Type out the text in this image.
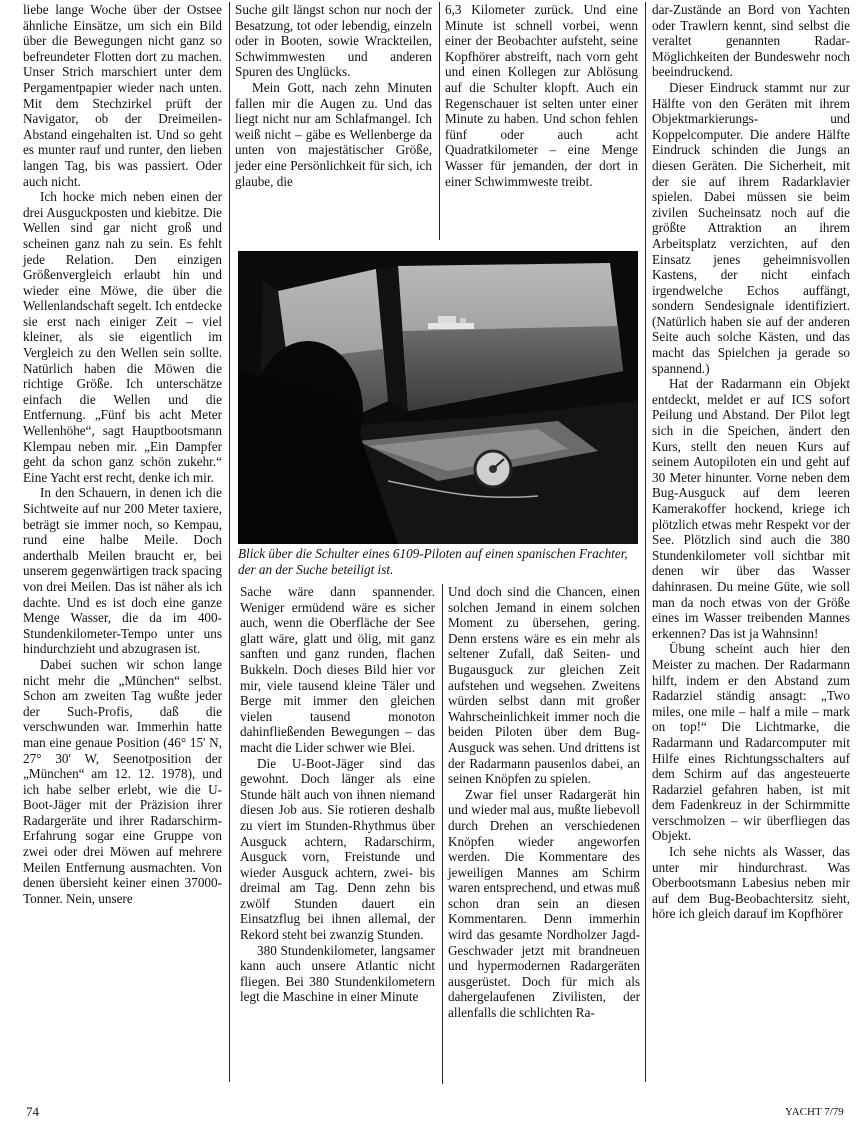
liebe lange Woche über der Ostsee ähnliche Einsätze, um sich ein Bild über die Bewegungen nicht ganz so befreundeter Flotten dort zu machen. Unser Strich marschiert unter dem Pergamentpapier wieder nach unten. Mit dem Stechzirkel prüft der Navigator, ob der Dreimeilen-Abstand eingehalten ist. Und so geht es munter rauf und runter, den lieben langen Tag, bis was passiert. Oder auch nicht.

Ich hocke mich neben einen der drei Ausguckposten und kiebitze. Die Wellen sind gar nicht groß und scheinen ganz nah zu sein. Es fehlt jede Relation. Den einzigen Größenvergleich erlaubt hin und wieder eine Möwe, die über die Wellenlandschaft segelt. Ich entdecke sie erst nach einiger Zeit – viel kleiner, als sie eigentlich im Vergleich zu den Wellen sein sollte. Natürlich haben die Möwen die richtige Größe. Ich unterschätze einfach die Wellen und die Entfernung. „Fünf bis acht Meter Wellenhöhe“, sagt Hauptbootsmann Klempau neben mir. „Ein Dampfer geht da schon ganz schön zukehr.“ Eine Yacht erst recht, denke ich mir.

In den Schauern, in denen ich die Sichtweite auf nur 200 Meter taxiere, beträgt sie immer noch, so Kempau, rund eine halbe Meile. Doch anderthalb Meilen braucht er, bei unserem gegenwärtigen track spacing von drei Meilen. Das ist näher als ich dachte. Und es ist doch eine ganze Menge Wasser, die da im 400-Stundenkilometer-Tempo unter uns hindurchzieht und abzugrasen ist.

Dabei suchen wir schon lange nicht mehr die „München“ selbst. Schon am zweiten Tag wußte jeder der Such-Profis, daß die verschwunden war. Immerhin hatte man eine genaue Position (46° 15' N, 27° 30' W, Seenotposition der „München“ am 12. 12. 1978), und ich habe selber erlebt, wie die U-Boot-Jäger mit der Präzision ihrer Radargeräte und ihrer Radarschirm-Erfahrung sogar eine Gruppe von zwei oder drei Möwen auf mehrere Meilen Entfernung ausmachten. Von denen übersieht keiner einen 37000-Tonner. Nein, unsere

Suche gilt längst schon nur noch der Besatzung, tot oder lebendig, einzeln oder in Booten, sowie Wrackteilen, Schwimmwesten und anderen Spuren des Unglücks.

Mein Gott, nach zehn Minuten fallen mir die Augen zu. Und das liegt nicht nur am Schlafmangel. Ich weiß nicht – gäbe es Wellenberge da unten von majestätischer Größe, jeder eine Persönlichkeit für sich, ich glaube, die

6,3 Kilometer zurück. Und eine Minute ist schnell vorbei, wenn einer der Beobachter aufsteht, seine Kopfhörer abstreift, nach vorn geht und einen Kollegen zur Ablösung auf die Schulter klopft. Auch ein Regenschauer ist selten unter einer Minute zu haben. Und schon fehlen fünf oder auch acht Quadratkilometer – eine Menge Wasser für jemanden, der dort in einer Schwimmweste treibt.

dar-Zustände an Bord von Yachten oder Trawlern kennt, sind selbst die veraltet genannten Radar-Möglichkeiten der Bundeswehr noch beeindruckend.

Dieser Eindruck stammt nur zur Hälfte von den Geräten mit ihrem Objektmarkierungs- und Koppelcomputer. Die andere Hälfte Eindruck schinden die Jungs an diesen Geräten. Die Sicherheit, mit der sie auf ihrem Radarklavier spielen. Dabei müssen sie beim zivilen Sucheinsatz noch auf die größte Attraktion an ihrem Arbeitsplatz verzichten, auf den Einsatz jenes geheimnisvollen Kastens, der nicht einfach irgendwelche Echos auffängt, sondern Sendesignale identifiziert. (Natürlich haben sie auf der anderen Seite auch solche Kästen, und das macht das Spielchen ja gerade so spannend.)

Hat der Radarmann ein Objekt entdeckt, meldet er auf ICS sofort Peilung und Abstand. Der Pilot legt sich in die Speichen, ändert den Kurs, stellt den neuen Kurs auf seinem Autopiloten ein und geht auf 30 Meter hinunter. Vorne neben dem Bug-Ausguck auf dem leeren Kamerakoffer hockend, kriege ich plötzlich etwas mehr Respekt vor der See. Plötzlich sind auch die 380 Stundenkilometer voll sichtbar mit denen wir über das Wasser dahinrasen. Du meine Güte, wie soll man da noch etwas von der Größe eines im Wasser treibenden Mannes erkennen? Das ist ja Wahnsinn!

Übung scheint auch hier den Meister zu machen. Der Radarmann hilft, indem er den Abstand zum Radarziel ständig ansagt: „Two miles, one mile – half a mile – mark on top!“ Die Lichtmarke, die Radarmann und Radarcomputer mit Hilfe eines Richtungsschalters auf dem Schirm auf das angesteuerte Radarziel gefahren haben, ist mit dem Fadenkreuz in der Schirmmitte verschmolzen – wir überfliegen das Objekt.

Ich sehe nichts als Wasser, das unter mir hindurchrast. Was Oberbootsmann Labesius neben mir auf dem Bug-Beobachtersitz sieht, höre ich gleich darauf im Kopfhörer

Sache wäre dann spannender. Weniger ermüdend wäre es sicher auch, wenn die Oberfläche der See glatt wäre, glatt und ölig, mit ganz sanften und ganz runden, flachen Bukkeln. Doch dieses Bild hier vor mir, viele tausend kleine Täler und Berge mit immer den gleichen vielen tausend monoton dahinfließenden Bewegungen – das macht die Lider schwer wie Blei.

Die U-Boot-Jäger sind das gewohnt. Doch länger als eine Stunde hält auch von ihnen niemand diesen Job aus. Sie rotieren deshalb zu viert im Stunden-Rhythmus über Ausguck achtern, Radarschirm, Ausguck vorn, Freistunde und wieder Ausguck achtern, zwei- bis dreimal am Tag. Denn zehn bis zwölf Stunden dauert ein Einsatzflug bei ihnen allemal, der Rekord steht bei zwanzig Stunden.

380 Stundenkilometer, langsamer kann auch unsere Atlantic nicht fliegen. Bei 380 Stundenkilometern legt die Maschine in einer Minute

Und doch sind die Chancen, einen solchen Jemand in einem solchen Moment zu übersehen, gering. Denn erstens wäre es ein mehr als seltener Zufall, daß Seiten- und Bugausguck zur gleichen Zeit aufstehen und wegsehen. Zweitens würden selbst dann mit großer Wahrscheinlichkeit immer noch die beiden Piloten über dem Bug-Ausguck was sehen. Und drittens ist der Radarmann pausenlos dabei, an seinen Knöpfen zu spielen.

Zwar fiel unser Radargerät hin und wieder mal aus, mußte liebevoll durch Drehen an verschiedenen Knöpfen wieder angeworfen werden. Die Kommentare des jeweiligen Mannes am Schirm waren entsprechend, und etwas muß schon dran sein an diesen Kommentaren. Denn immerhin wird das gesamte Nordholzer Jagd-Geschwader jetzt mit brandneuen und hypermodernen Radargeräten ausgerüstet. Doch für mich als dahergelaufenen Zivilisten, der allenfalls die schlichten Ra-

Blick über die Schulter eines 6109-Piloten auf einen spanischen Frachter, der an der Suche beteiligt ist.
74	YACHT 7/79
